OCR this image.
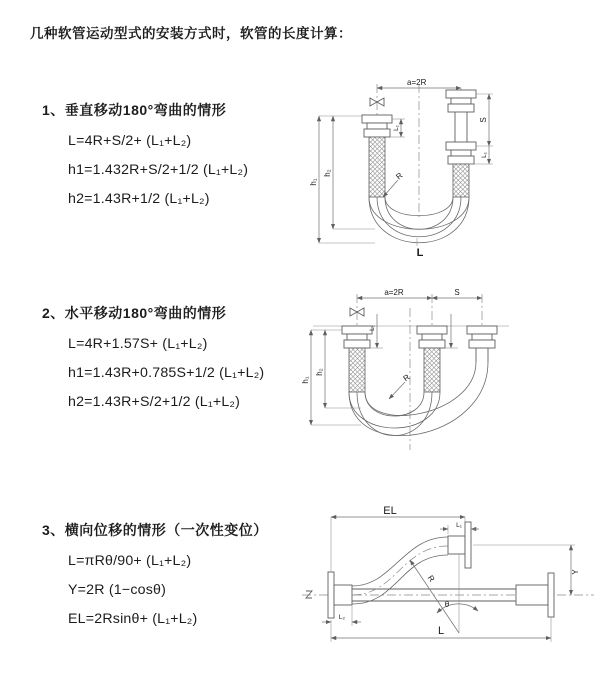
几种软管运动型式的安装方式时，软管的长度计算：
1、垂直移动180°弯曲的情形
L=4R+S/2+ (L₁+L₂)
h1=1.432R+S/2+1/2 (L₁+L₂)
h2=1.43R+1/2 (L₁+L₂)
2、水平移动180°弯曲的情形
L=4R+1.57S+ (L₁+L₂)
h1=1.43R+0.785S+1/2 (L₁+L₂)
h2=1.43R+S/2+1/2 (L₁+L₂)
3、横向位移的情形（一次性变位）
L=πRθ/90+ (L₁+L₂)
Y=2R (1−cosθ)
EL=2Rsinθ+ (L₁+L₂)
a=2R
h₁
h₂
L₁
S
L₁
R
L
a=2R	S
h₁
h₂
L₁
R
EL
L₁
Y
L₂
L
R
θ
